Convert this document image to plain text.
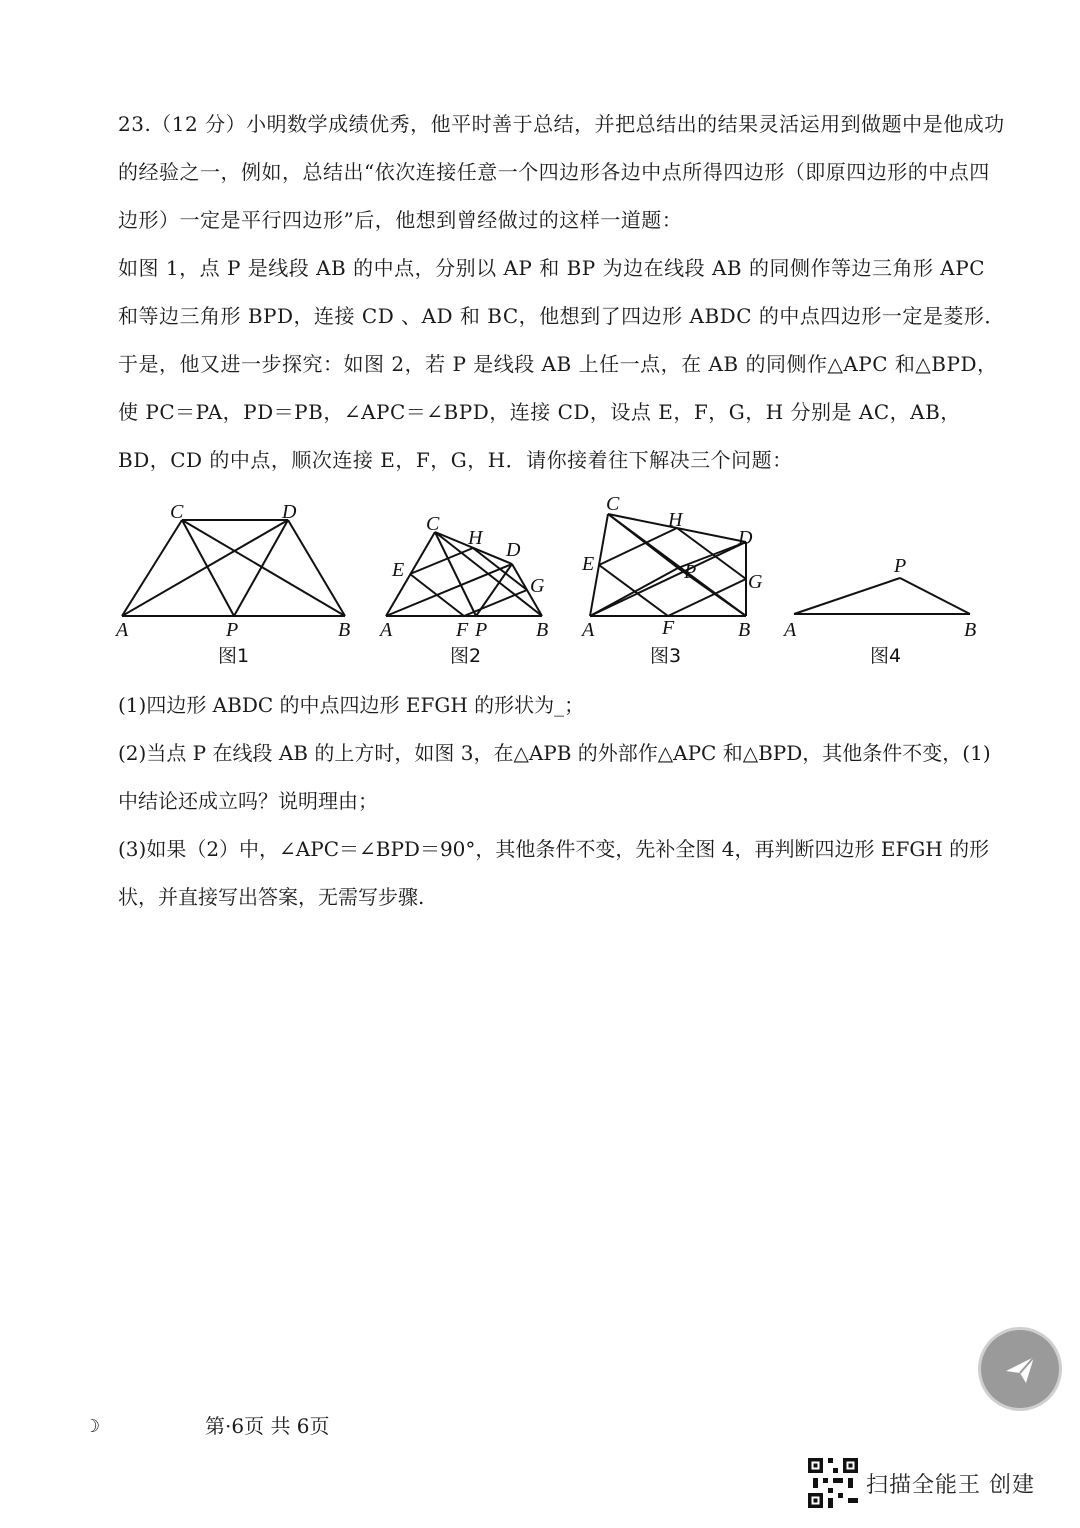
23.（12 分）小明数学成绩优秀，他平时善于总结，并把总结出的结果灵活运用到做题中是他成功的经验之一，例如，总结出“依次连接任意一个四边形各边中点所得四边形（即原四边形的中点四边形）一定是平行四边形”后，他想到曾经做过的这样一道题：
如图 1，点 P 是线段 AB 的中点，分别以 AP 和 BP 为边在线段 AB 的同侧作等边三角形 APC 和等边三角形 BPD，连接 CD 、AD 和 BC，他想到了四边形 ABDC 的中点四边形一定是菱形．于是，他又进一步探究：如图 2，若 P 是线段 AB 上任一点，在 AB 的同侧作△APC 和△BPD，使 PC＝PA，PD＝PB，∠APC＝∠BPD，连接 CD，设点 E，F，G，H 分别是 AC，AB，BD，CD 的中点，顺次连接 E，F，G，H．请你接着往下解决三个问题：
C	D
A	P	B
图1
C
H
D
E
G
A	F P B
图2
C
H
D
E	P	G
A	F	B
图3
P
A	B
图4
(1)四边形 ABDC 的中点四边形 EFGH 的形状为_；
(2)当点 P 在线段 AB 的上方时，如图 3，在△APB 的外部作△APC 和△BPD，其他条件不变，(1)
中结论还成立吗？说明理由；
(3)如果（2）中，∠APC＝∠BPD＝90°，其他条件不变，先补全图 4，再判断四边形 EFGH 的形
状，并直接写出答案，无需写步骤.
☽	第·6页 共 6页
扫描全能王 创建
